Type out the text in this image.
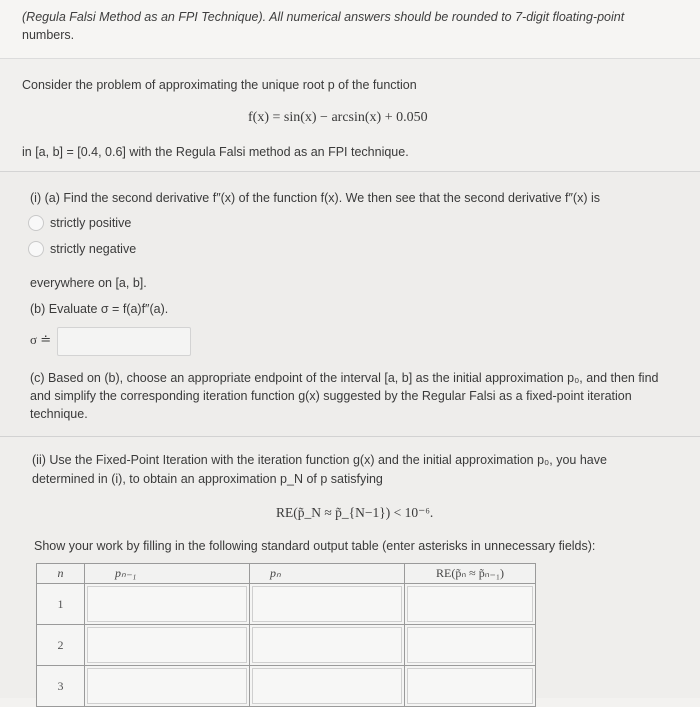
(Regula Falsi Method as an FPI Technique). All numerical answers should be rounded to 7-digit floating-point
numbers.
Consider the problem of approximating the unique root p of the function
f(x) = sin(x) − arcsin(x) + 0.050
in [a, b] = [0.4, 0.6] with the Regula Falsi method as an FPI technique.
(i) (a) Find the second derivative f″(x) of the function f(x). We then see that the second derivative f″(x) is
strictly positive
strictly negative
everywhere on [a, b].
(b) Evaluate σ = f(a)f″(a).
σ ≐
(c) Based on (b), choose an appropriate endpoint of the interval [a, b] as the initial approximation p₀, and then find
and simplify the corresponding iteration function g(x) suggested by the Regular Falsi as a fixed-point iteration
technique.
(ii) Use the Fixed-Point Iteration with the iteration function g(x) and the initial approximation p₀, you have
determined in (i), to obtain an approximation p_N of p satisfying
RE(p̃_N ≈ p̃_{N−1}) < 10⁻⁶.
Show your work by filling in the following standard output table (enter asterisks in unnecessary fields):
n	pₙ₋₁	pₙ	RE(p̃ₙ ≈ p̃ₙ₋₁)
1	

2	

3	
